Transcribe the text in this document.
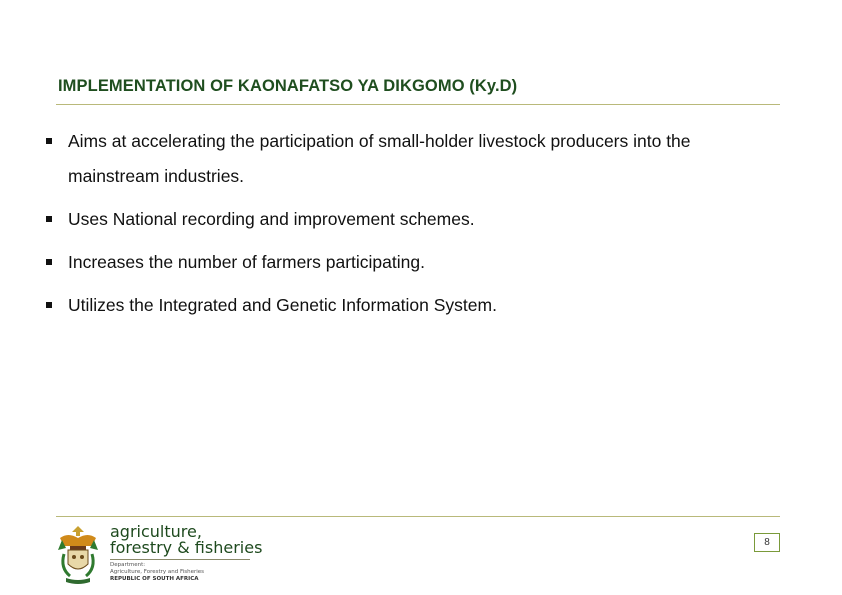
IMPLEMENTATION OF KAONAFATSO YA DIKGOMO (Ky.D)
Aims at accelerating the participation of small-holder livestock producers into the
mainstream industries.
Uses National recording and improvement schemes.
Increases the number of farmers participating.
Utilizes the Integrated and Genetic Information System.
agriculture,
forestry & fisheries
Department:
Agriculture, Forestry and Fisheries
REPUBLIC OF SOUTH AFRICA
8
